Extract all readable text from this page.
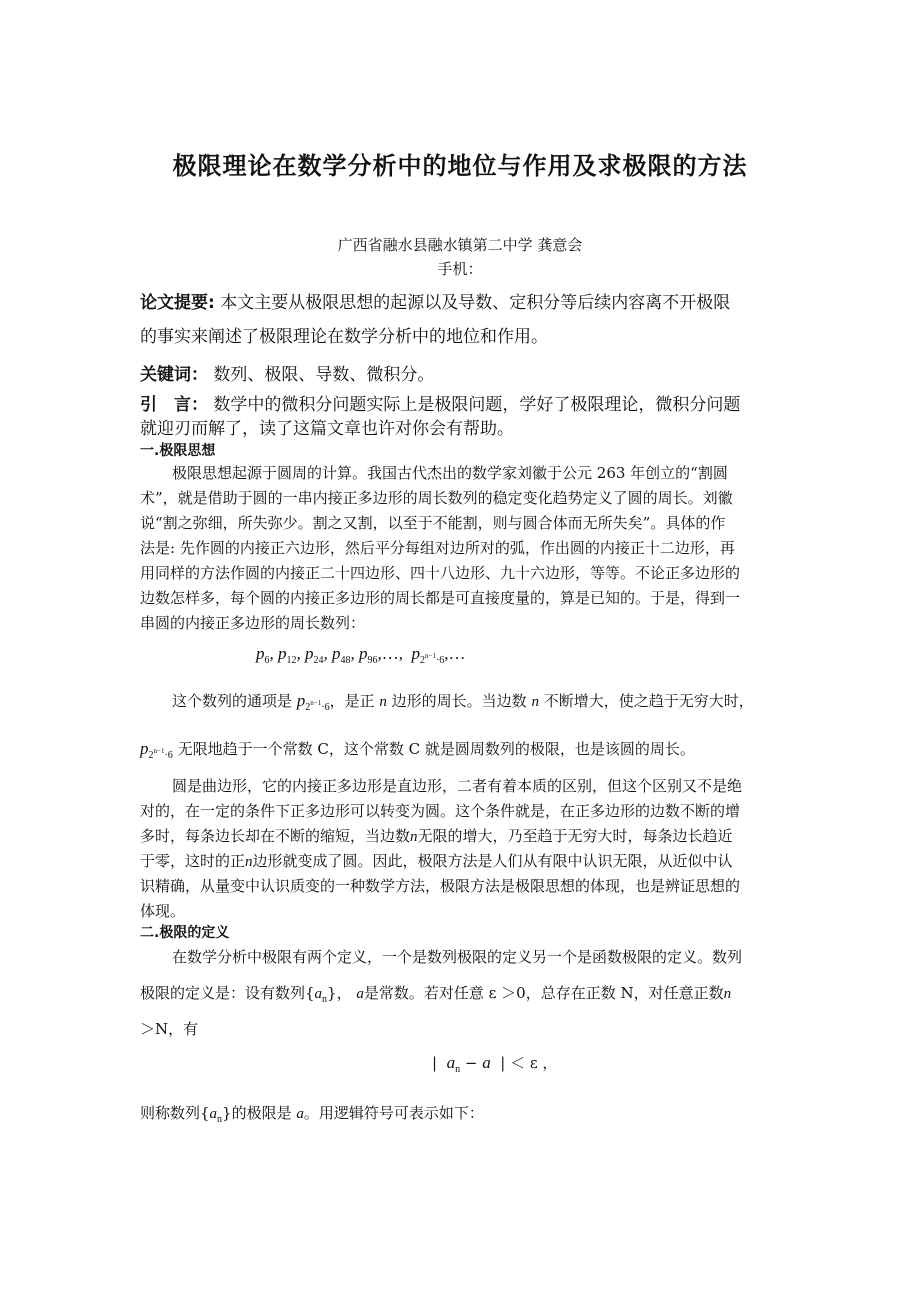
极限理论在数学分析中的地位与作用及求极限的方法
广西省融水县融水镇第二中学 龚意会
手机：
论文提要: 本文主要从极限思想的起源以及导数、定积分等后续内容离不开极限
的事实来阐述了极限理论在数学分析中的地位和作用。
关键词： 数列、极限、导数、微积分。
引　言： 数学中的微积分问题实际上是极限问题，学好了极限理论，微积分问题
就迎刃而解了，读了这篇文章也许对你会有帮助。
一.极限思想
极限思想起源于圆周的计算。我国古代杰出的数学家刘徽于公元 263 年创立的“割圆
术”，就是借助于圆的一串内接正多边形的周长数列的稳定变化趋势定义了圆的周长。刘徽
说“割之弥细，所失弥少。割之又割，以至于不能割，则与圆合体而无所失矣”。具体的作
法是: 先作圆的内接正六边形，然后平分每组对边所对的弧，作出圆的内接正十二边形，再
用同样的方法作圆的内接正二十四边形、四十八边形、九十六边形，等等。不论正多边形的
边数怎样多，每个圆的内接正多边形的周长都是可直接度量的，算是已知的。于是，得到一
串圆的内接正多边形的周长数列：
$p_6$, $p_{12}$, $p_{24}$, $p_{48}$, $p_{96},\dots$, $p_{2^{n-1}\cdot 6},\dots$
这个数列的通项是 $p_{2^{n-1}\cdot 6}$，是正 n 边形的周长。当边数 n 不断增大，使之趋于无穷大时，
$p_{2^{n-1}\cdot 6}$ 无限地趋于一个常数 C，这个常数 C 就是圆周数列的极限，也是该圆的周长。
圆是曲边形，它的内接正多边形是直边形，二者有着本质的区别，但这个区别又不是绝
对的，在一定的条件下正多边形可以转变为圆。这个条件就是，在正多边形的边数不断的增
多时，每条边长却在不断的缩短，当边数n无限的增大，乃至趋于无穷大时，每条边长趋近
于零，这时的正n边形就变成了圆。因此，极限方法是人们从有限中认识无限，从近似中认
识精确，从量变中认识质变的一种数学方法，极限方法是极限思想的体现，也是辨证思想的
体现。
二.极限的定义
在数学分析中极限有两个定义，一个是数列极限的定义另一个是函数极限的定义。数列
极限的定义是：设有数列$\{a_n\}$， a是常数。若对任意 ε ＞0，总存在正数 N，对任意正数n
＞N，有
| $a_n - a$ | ＜ ε ，
则称数列$\{a_n\}$的极限是 a。用逻辑符号可表示如下：
